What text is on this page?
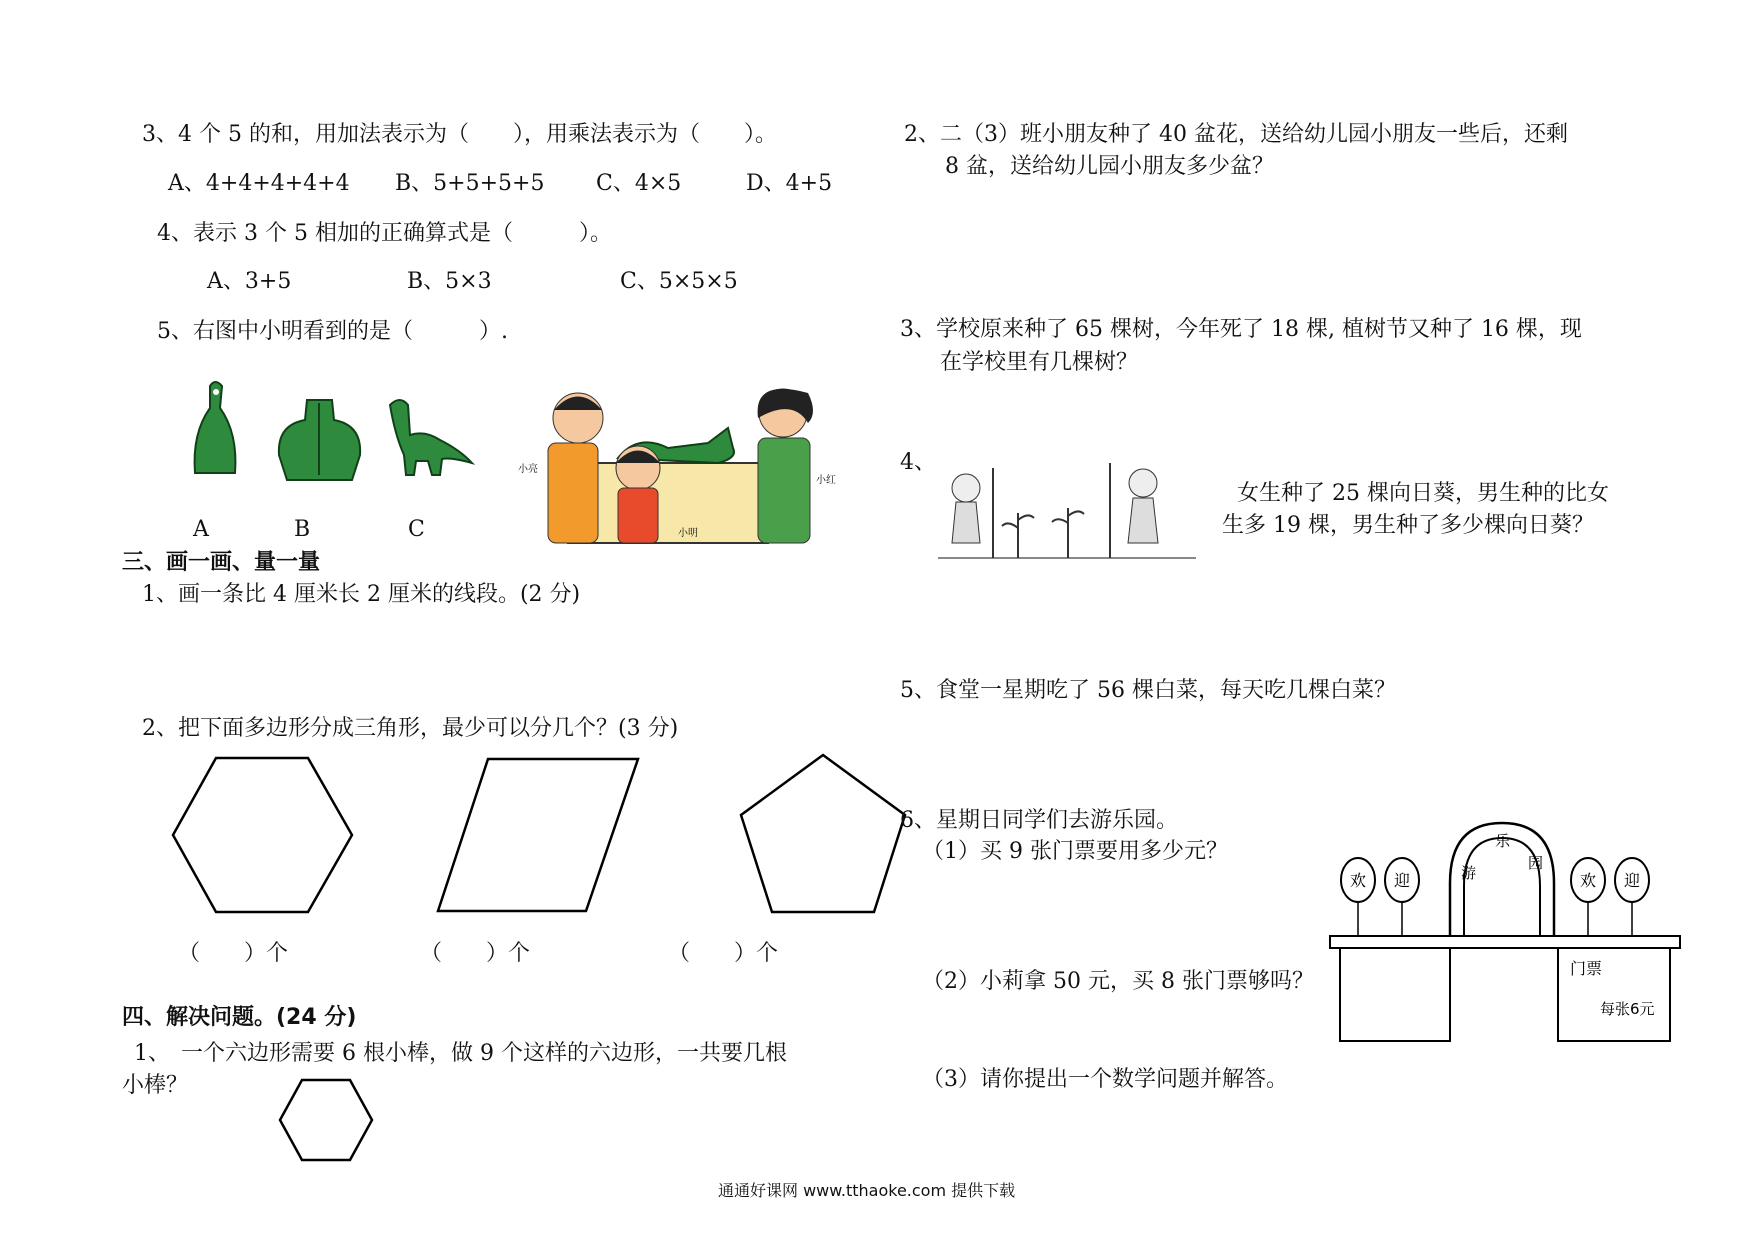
3、4 个 5 的和，用加法表示为（　　），用乘法表示为（　　）。
A、4+4+4+4+4 B、5+5+5+5 C、4×5	D、4+5
4、表示 3 个 5 相加的正确算式是（　　　）。
A、3+5	B、5×3	C、5×5×5
5、右图中小明看到的是（　　　）.
A	B	C
小亮
小红
小明
三、画一画、量一量
1、画一条比 4 厘米长 2 厘米的线段。(2 分)
2、把下面多边形分成三角形，最少可以分几个？(3 分)
（　　）个	（　　）个	（　　）个
四、解决问题。(24 分)
1、　一个六边形需要 6 根小棒，做 9 个这样的六边形，一共要几根
小棒？
2、二（3）班小朋友种了 40 盆花，送给幼儿园小朋友一些后，还剩
8 盆，送给幼儿园小朋友多少盆？
3、学校原来种了 65 棵树，今年死了 18 棵, 植树节又种了 16 棵，现
在学校里有几棵树？
4、
女生种了 25 棵向日葵，男生种的比女
生多 19 棵，男生种了多少棵向日葵？
5、食堂一星期吃了 56 棵白菜，每天吃几棵白菜？
6、星期日同学们去游乐园。
（1）买 9 张门票要用多少元？
（2）小莉拿 50 元，买 8 张门票够吗？
（3）请你提出一个数学问题并解答。
欢 迎	欢 迎
游
乐
园
门票
每张6元
通通好课网 www.tthaoke.com 提供下载
